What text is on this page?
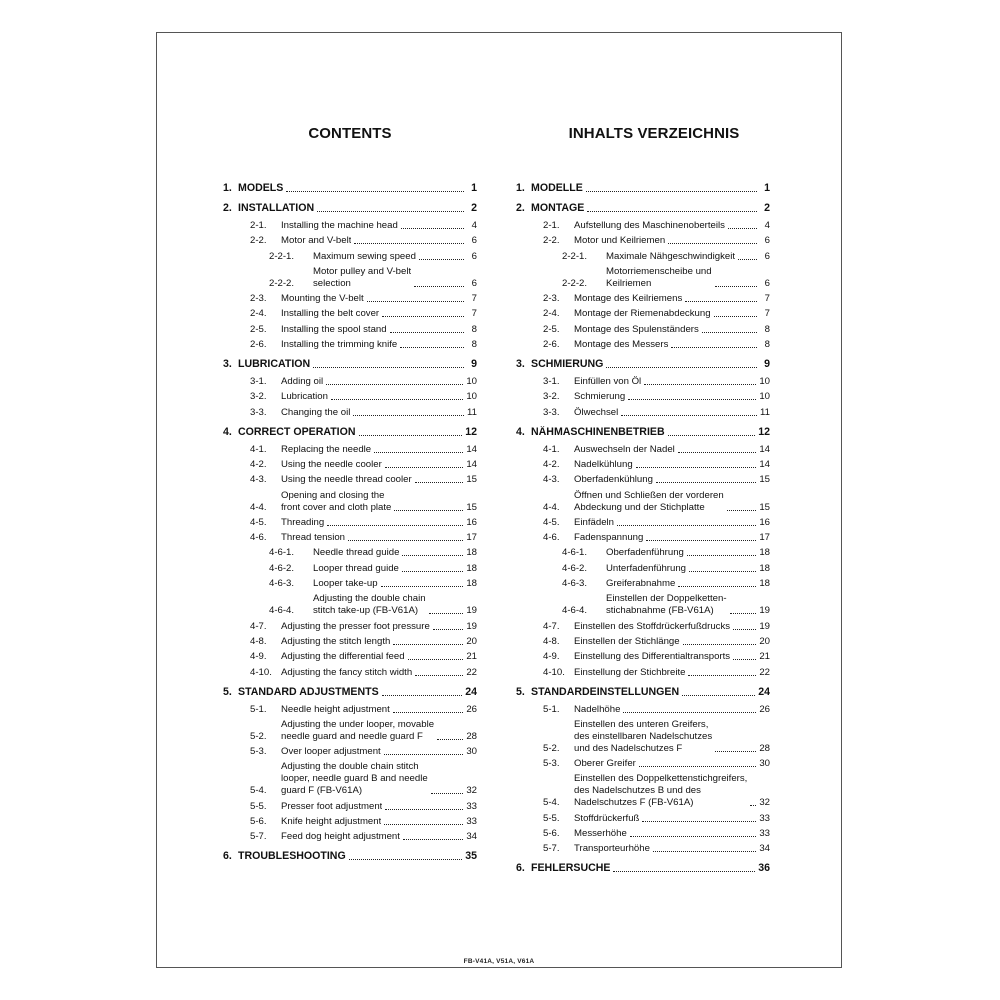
CONTENTS
1. MODELS	1
2. INSTALLATION	2
2-1.	Installing the machine head	4
2-2.	Motor and V-belt	6
2-2-1.	Maximum sewing speed	6
2-2-2.
Motor pulley and V-belt
selection	6
2-3.	Mounting the V-belt	7
2-4.	Installing the belt cover	7
2-5.	Installing the spool stand	8
2-6.	Installing the trimming knife	8
3. LUBRICATION	9
3-1.	Adding oil	10
3-2.	Lubrication	10
3-3.	Changing the oil	11
4. CORRECT OPERATION	12
4-1.	Replacing the needle	14
4-2.	Using the needle cooler	14
4-3.	Using the needle thread cooler	15
4-4.
Opening and closing the
front cover and cloth plate	15
4-5.	Threading	16
4-6.	Thread tension	17
4-6-1.	Needle thread guide	18
4-6-2.	Looper thread guide	18
4-6-3.	Looper take-up	18
4-6-4.
Adjusting the double chain
stitch take-up (FB-V61A)	19
4-7.	Adjusting the presser foot pressure	19
4-8.	Adjusting the stitch length	20
4-9.	Adjusting the differential feed	21
4-10. Adjusting the fancy stitch width	22
5. STANDARD ADJUSTMENTS	24
5-1.	Needle height adjustment	26
5-2.
Adjusting the under looper, movable
needle guard and needle guard F	28
5-3.	Over looper adjustment	30
5-4.
Adjusting the double chain stitch
looper, needle guard B and needle
guard F (FB-V61A)	32
5-5.	Presser foot adjustment	33
5-6.	Knife height adjustment	33
5-7.	Feed dog height adjustment	34
6. TROUBLESHOOTING	35
INHALTS VERZEICHNIS
1. MODELLE	1
2. MONTAGE	2
2-1.	Aufstellung des Maschinenoberteils	4
2-2.	Motor und Keilriemen	6
2-2-1.	Maximale Nähgeschwindigkeit	6
2-2-2.
Motorriemenscheibe und
Keilriemen	6
2-3.	Montage des Keilriemens	7
2-4.	Montage der Riemenabdeckung	7
2-5.	Montage des Spulenständers	8
2-6.	Montage des Messers	8
3. SCHMIERUNG	9
3-1.	Einfüllen von Öl	10
3-2.	Schmierung	10
3-3.	Ölwechsel	11
4. NÄHMASCHINENBETRIEB	12
4-1.	Auswechseln der Nadel	14
4-2.	Nadelkühlung	14
4-3.	Oberfadenkühlung	15
4-4.
Öffnen und Schließen der vorderen
Abdeckung und der Stichplatte	15
4-5.	Einfädeln	16
4-6.	Fadenspannung	17
4-6-1.	Oberfadenführung	18
4-6-2.	Unterfadenführung	18
4-6-3.	Greiferabnahme	18
4-6-4.
Einstellen der Doppelketten-
stichabnahme (FB-V61A)	19
4-7.	Einstellen des Stoffdrückerfußdrucks	19
4-8.	Einstellen der Stichlänge	20
4-9.	Einstellung des Differentialtransports	21
4-10. Einstellung der Stichbreite	22
5. STANDARDEINSTELLUNGEN	24
5-1.	Nadelhöhe	26
5-2.
Einstellen des unteren Greifers,
des einstellbaren Nadelschutzes
und des Nadelschutzes F	28
5-3.	Oberer Greifer	30
5-4.
Einstellen des Doppelkettenstichgreifers,
des Nadelschutzes B und des
Nadelschutzes F (FB-V61A)	32
5-5.	Stoffdrückerfuß	33
5-6.	Messerhöhe	33
5-7.	Transporteurhöhe	34
6. FEHLERSUCHE	36
FB-V41A, V51A, V61A
